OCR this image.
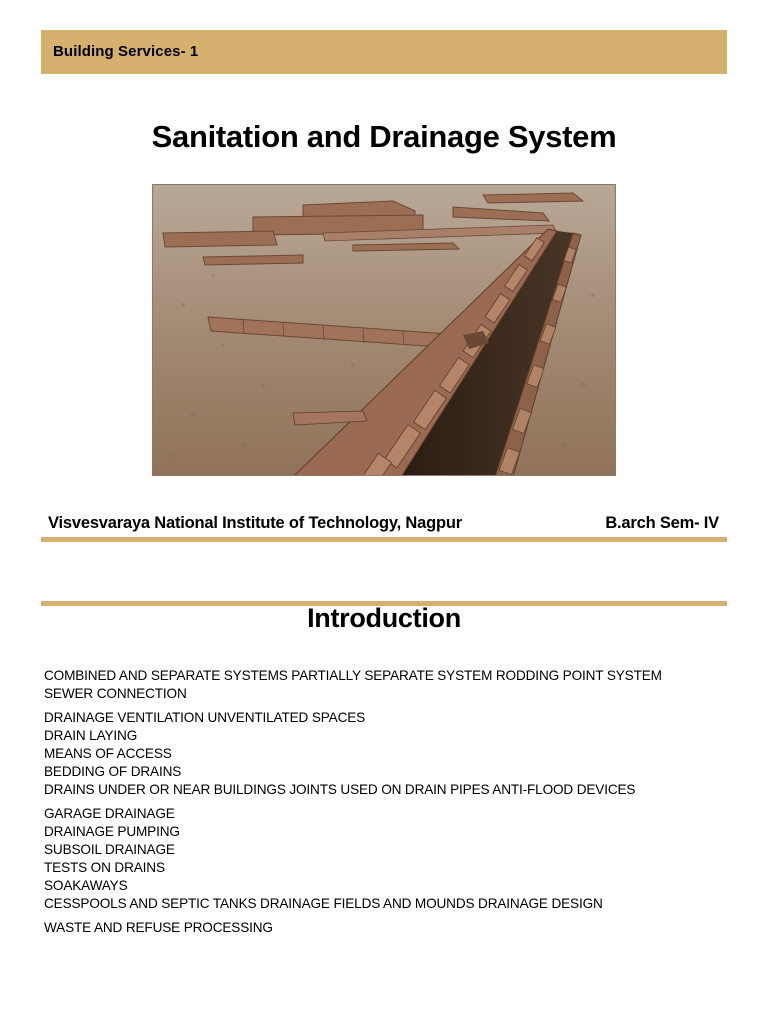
Building Services- 1
Sanitation and Drainage System
Visvesvaraya National Institute of Technology, Nagpur	B.arch Sem- IV
Introduction
COMBINED AND SEPARATE SYSTEMS PARTIALLY SEPARATE SYSTEM RODDING POINT SYSTEM
SEWER CONNECTION
DRAINAGE VENTILATION UNVENTILATED SPACES
DRAIN LAYING
MEANS OF ACCESS
BEDDING OF DRAINS
DRAINS UNDER OR NEAR BUILDINGS JOINTS USED ON DRAIN PIPES ANTI-FLOOD DEVICES
GARAGE DRAINAGE
DRAINAGE PUMPING
SUBSOIL DRAINAGE
TESTS ON DRAINS
SOAKAWAYS
CESSPOOLS AND SEPTIC TANKS DRAINAGE FIELDS AND MOUNDS DRAINAGE DESIGN
WASTE AND REFUSE PROCESSING
